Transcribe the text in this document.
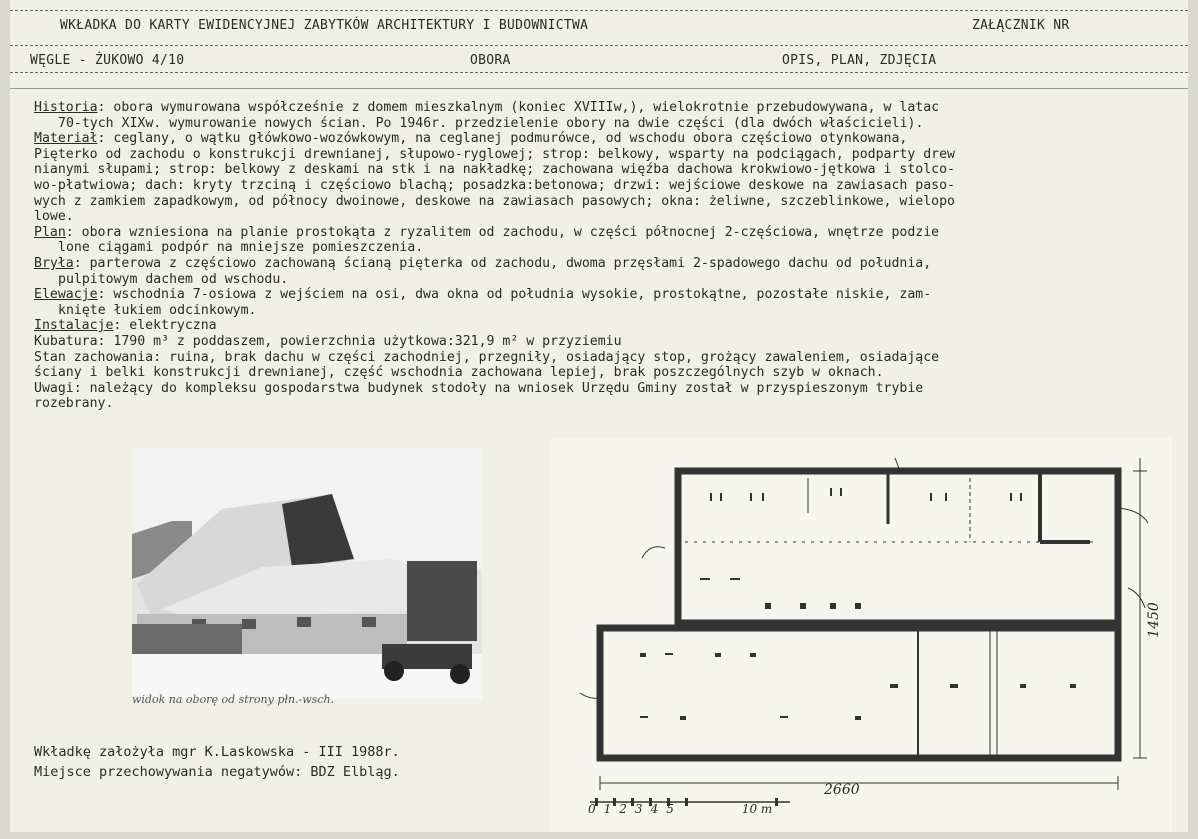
WKŁADKA DO KARTY EWIDENCYJNEJ ZABYTKÓW ARCHITEKTURY I BUDOWNICTWA	ZAŁĄCZNIK NR
WĘGLE - ŻUKOWO 4/10	OBORA	OPIS, PLAN, ZDJĘCIA
Historia: obora wymurowana współcześnie z domem mieszkalnym (koniec XVIIIw,), wielokrotnie przebudowywana, w latac
70-tych XIXw. wymurowanie nowych ścian. Po 1946r. przedzielenie obory na dwie części (dla dwóch właścicieli).
Materiał: ceglany, o wątku główkowo-wozówkowym, na ceglanej podmurówce, od wschodu obora częściowo otynkowana,
Pięterko od zachodu o konstrukcji drewnianej, słupowo-ryglowej; strop: belkowy, wsparty na podciągach, podparty drew
nianymi słupami; strop: belkowy z deskami na stk i na nakładkę; zachowana więźba dachowa krokwiowo-jętkowa i stolco-
wo-płatwiowa; dach: kryty trzciną i częściowo blachą; posadzka:betonowa; drzwi: wejściowe deskowe na zawiasach paso-
wych z zamkiem zapadkowym, od północy dwoinowe, deskowe na zawiasach pasowych; okna: żeliwne, szczeblinkowe, wielopo
lowe.
Plan: obora wzniesiona na planie prostokąta z ryzalitem od zachodu, w części północnej 2-częściowa, wnętrze podzie
lone ciągami podpór na mniejsze pomieszczenia.
Bryła: parterowa z częściowo zachowaną ścianą pięterka od zachodu, dwoma przęsłami 2-spadowego dachu od południa,
pulpitowym dachem od wschodu.
Elewacje: wschodnia 7-osiowa z wejściem na osi, dwa okna od południa wysokie, prostokątne, pozostałe niskie, zam-
knięte łukiem odcinkowym.
Instalacje: elektryczna
Kubatura: 1790 m³ z poddaszem, powierzchnia użytkowa:321,9 m² w przyziemiu
Stan zachowania: ruina, brak dachu w części zachodniej, przegniły, osiadający stop, grożący zawaleniem, osiadające
ściany i belki konstrukcji drewnianej, część wschodnia zachowana lepiej, brak poszczególnych szyb w oknach.
Uwagi: należący do kompleksu gospodarstwa budynek stodoły na wniosek Urzędu Gminy został w przyspieszonym trybie
rozebrany.
widok na oborę od strony płn.-wsch.
2660
1450
0 1 2 3 4 5	10 m
Wkładkę założyła mgr K.Laskowska - III 1988r.
Miejsce przechowywania negatywów: BDZ Elbląg.
